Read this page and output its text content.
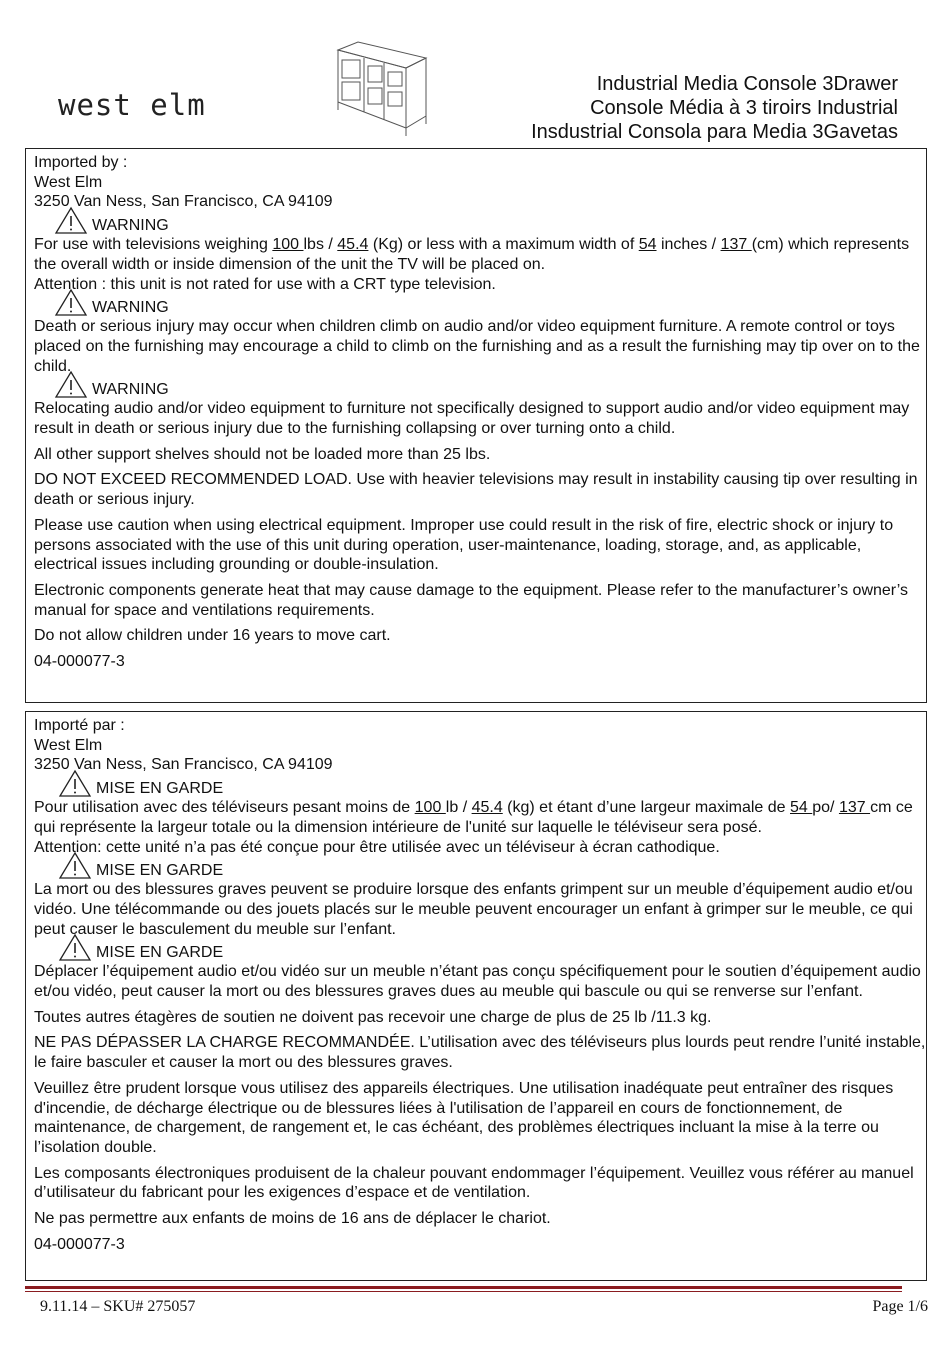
west elm
Industrial Media Console 3Drawer
Console Média à 3 tiroirs Industrial
Insdustrial Consola para Media 3Gavetas

Imported by :

West Elm

3250 Van Ness, San Francisco, CA 94109

WARNING

For use with televisions weighing 100 lbs / 45.4 (Kg) or less with a maximum width of 54 inches / 137 (cm) which represents the overall width or inside dimension of the unit the TV will be placed on.

Attention : this unit is not rated for use with a CRT type television.

WARNING

Death or serious injury may occur when children climb on audio and/or video equipment furniture. A remote control or toys placed on the furnishing may encourage a child to climb on the furnishing and as a result the furnishing may tip over on to the child.

WARNING

Relocating audio and/or video equipment to furniture not specifically designed to support audio and/or video equipment may result in death or serious injury due to the furnishing collapsing or over turning onto a child.

All other support shelves should not be loaded more than 25 lbs.

DO NOT EXCEED RECOMMENDED LOAD. Use with heavier televisions may result in instability causing tip over resulting in death or serious injury.

Please use caution when using electrical equipment. Improper use could result in the risk of fire, electric shock or injury to persons associated with the use of this unit during operation, user-maintenance, loading, storage, and, as applicable, electrical issues including grounding or double-insulation.

Electronic components generate heat that may cause damage to the equipment. Please refer to the manufacturer’s owner’s manual for space and ventilations requirements.

Do not allow children under 16 years to move cart.

04-000077-3

Importé par :

West Elm

3250 Van Ness, San Francisco, CA 94109

MISE EN GARDE

Pour utilisation avec des téléviseurs pesant moins de 100 lb / 45.4 (kg) et étant d’une largeur maximale de 54 po/ 137 cm ce qui représente la largeur totale ou la dimension intérieure de l'unité sur laquelle le téléviseur sera posé.

Attention: cette unité n’a pas été conçue pour être utilisée avec un téléviseur à écran cathodique.

MISE EN GARDE

La mort ou des blessures graves peuvent se produire lorsque des enfants grimpent sur un meuble d’équipement audio et/ou vidéo. Une télécommande ou des jouets placés sur le meuble peuvent encourager un enfant à grimper sur le meuble, ce qui peut causer le basculement du meuble sur l’enfant.

MISE EN GARDE

Déplacer l’équipement audio et/ou vidéo sur un meuble n’étant pas conçu spécifiquement pour le soutien d’équipement audio et/ou vidéo, peut causer la mort ou des blessures graves dues au meuble qui bascule ou qui se renverse sur l’enfant.

Toutes autres étagères de soutien ne doivent pas recevoir une charge de plus de 25 lb /11.3 kg.

NE PAS DÉPASSER LA CHARGE RECOMMANDÉE. L’utilisation avec des téléviseurs plus lourds peut rendre l’unité instable, le faire basculer et causer la mort ou des blessures graves.

Veuillez être prudent lorsque vous utilisez des appareils électriques. Une utilisation inadéquate peut entraîner des risques d'incendie, de décharge électrique ou de blessures liées à l'utilisation de l’appareil en cours de fonctionnement, de maintenance, de chargement, de rangement et, le cas échéant, des problèmes électriques incluant la mise à la terre ou l’isolation double.

Les composants électroniques produisent de la chaleur pouvant endommager l’équipement. Veuillez vous référer au manuel d’utilisateur du fabricant pour les exigences d’espace et de ventilation.

Ne pas permettre aux enfants de moins de 16 ans de déplacer le chariot.

04-000077-3

9.11.14 – SKU# 275057	Page 1/6
